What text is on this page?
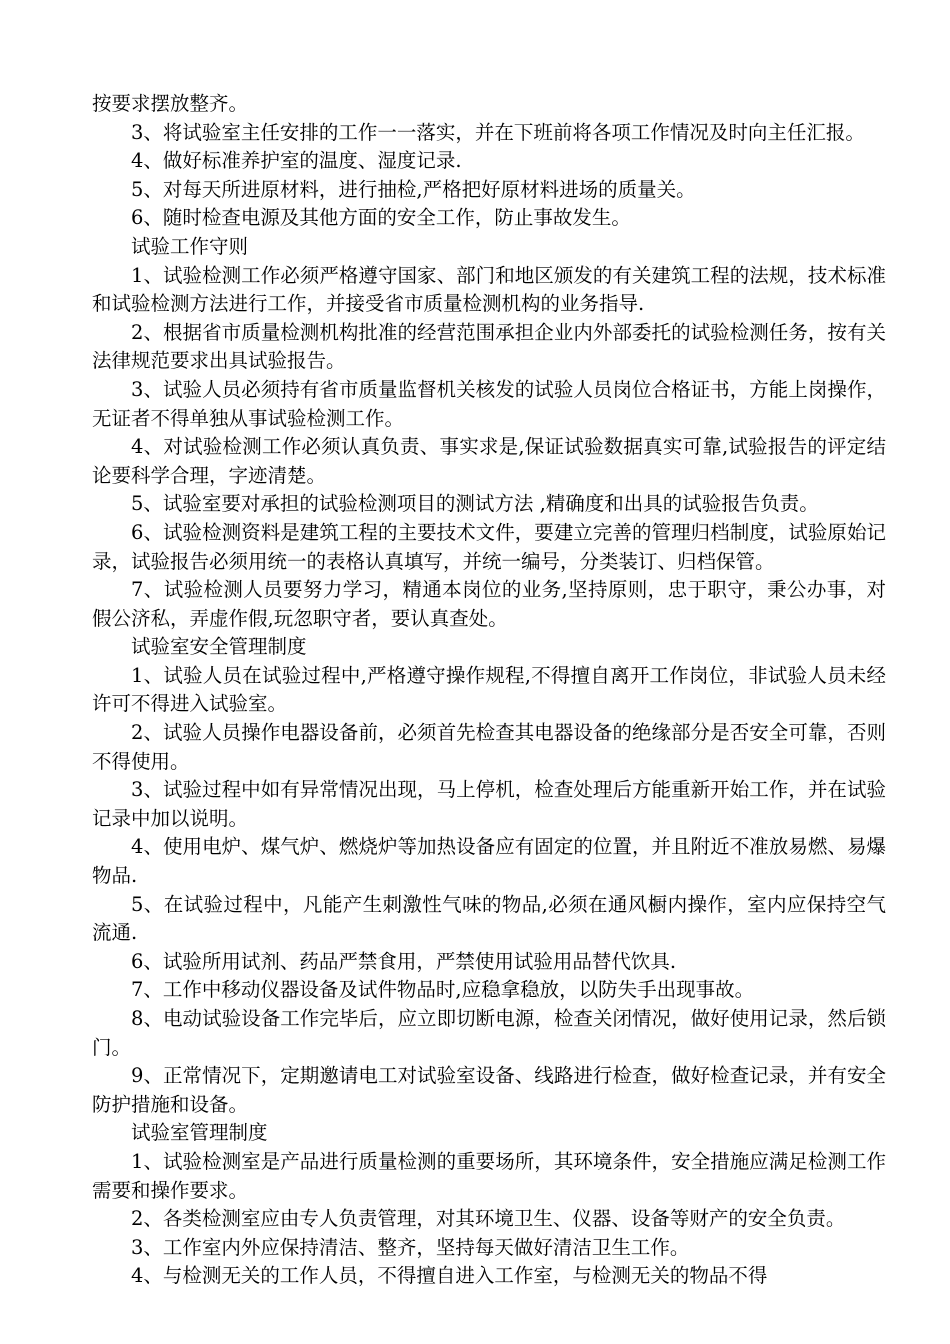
按要求摆放整齐。

3、将试验室主任安排的工作一一落实，并在下班前将各项工作情况及时向主任汇报。

4、做好标准养护室的温度、湿度记录.

5、对每天所进原材料，进行抽检,严格把好原材料进场的质量关。

6、随时检查电源及其他方面的安全工作，防止事故发生。

试验工作守则

1、试验检测工作必须严格遵守国家、部门和地区颁发的有关建筑工程的法规，技术标准和试验检测方法进行工作，并接受省市质量检测机构的业务指导.

2、根据省市质量检测机构批准的经营范围承担企业内外部委托的试验检测任务，按有关法律规范要求出具试验报告。

3、试验人员必须持有省市质量监督机关核发的试验人员岗位合格证书，方能上岗操作，无证者不得单独从事试验检测工作。

4、对试验检测工作必须认真负责、事实求是,保证试验数据真实可靠,试验报告的评定结论要科学合理，字迹清楚。

5、试验室要对承担的试验检测项目的测试方法 ,精确度和出具的试验报告负责。

6、试验检测资料是建筑工程的主要技术文件，要建立完善的管理归档制度，试验原始记录，试验报告必须用统一的表格认真填写，并统一编号，分类装订、归档保管。

7、试验检测人员要努力学习，精通本岗位的业务,坚持原则，忠于职守，秉公办事，对假公济私，弄虚作假,玩忽职守者，要认真查处。

试验室安全管理制度

1、试验人员在试验过程中,严格遵守操作规程,不得擅自离开工作岗位，非试验人员未经许可不得进入试验室。

2、试验人员操作电器设备前，必须首先检查其电器设备的绝缘部分是否安全可靠，否则不得使用。

3、试验过程中如有异常情况出现，马上停机，检查处理后方能重新开始工作，并在试验记录中加以说明。

4、使用电炉、煤气炉、燃烧炉等加热设备应有固定的位置，并且附近不准放易燃、易爆物品.

5、在试验过程中，凡能产生刺激性气味的物品,必须在通风橱内操作，室内应保持空气流通.

6、试验所用试剂、药品严禁食用，严禁使用试验用品替代饮具.

7、工作中移动仪器设备及试件物品时,应稳拿稳放，以防失手出现事故。

8、电动试验设备工作完毕后，应立即切断电源，检查关闭情况，做好使用记录，然后锁门。

9、正常情况下，定期邀请电工对试验室设备、线路进行检查，做好检查记录，并有安全防护措施和设备。

试验室管理制度

1、试验检测室是产品进行质量检测的重要场所，其环境条件，安全措施应满足检测工作需要和操作要求。

2、各类检测室应由专人负责管理，对其环境卫生、仪器、设备等财产的安全负责。

3、工作室内外应保持清洁、整齐，坚持每天做好清洁卫生工作。

4、与检测无关的工作人员，不得擅自进入工作室，与检测无关的物品不得
